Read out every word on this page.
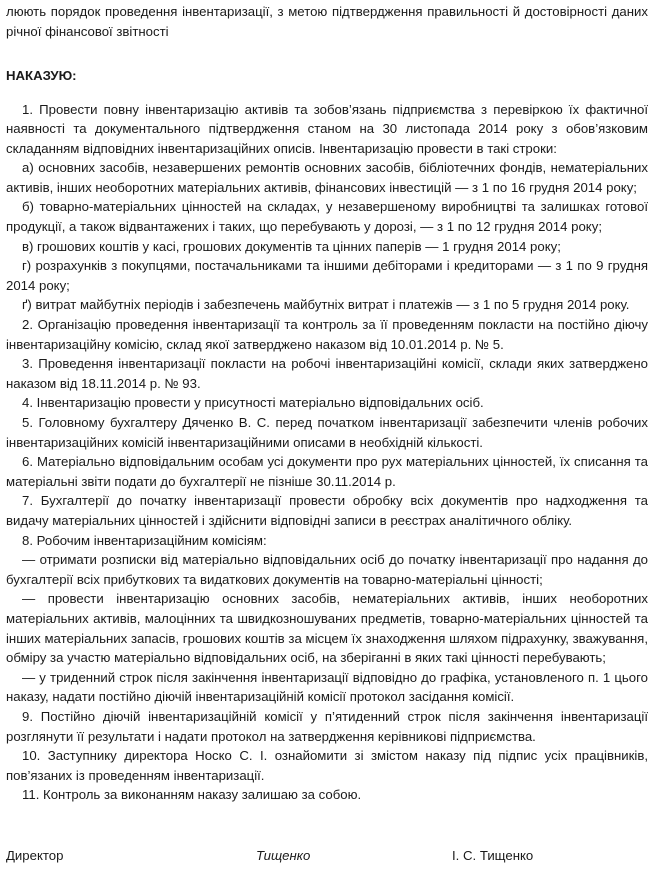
люють порядок проведення інвентаризації, з метою підтвердження правильності й достовірності даних річної фінансової звітності

НАКАЗУЮ:

1. Провести повну інвентаризацію активів та зобов’язань підприємства з перевіркою їх фактичної наявності та документального підтвердження станом на 30 листопада 2014 року з обов’язковим складанням відповідних інвентаризаційних описів. Інвентаризацію провести в такі строки:

а) основних засобів, незавершених ремонтів основних засобів, бібліотечних фондів, нематеріальних активів, інших необоротних матеріальних активів, фінансових інвестицій — з 1 по 16 грудня 2014 року;

б) товарно-матеріальних цінностей на складах, у незавершеному виробництві та залишках готової продукції, а також відвантажених і таких, що перебувають у дорозі, — з 1 по 12 грудня 2014 року;

в) грошових коштів у касі, грошових документів та цінних паперів — 1 грудня 2014 року;

г) розрахунків з покупцями, постачальниками та іншими дебіторами і кредиторами — з 1 по 9 грудня 2014 року;

ґ) витрат майбутніх періодів і забезпечень майбутніх витрат і платежів — з 1 по 5 грудня 2014 року.

2. Організацію проведення інвентаризації та контроль за її проведенням покласти на постійно діючу інвентаризаційну комісію, склад якої затверджено наказом від 10.01.2014 р. № 5.

3. Проведення інвентаризації покласти на робочі інвентаризаційні комісії, склади яких затверджено наказом від 18.11.2014 р. № 93.

4. Інвентаризацію провести у присутності матеріально відповідальних осіб.

5. Головному бухгалтеру Дяченко В. С. перед початком інвентаризації забезпечити членів робочих інвентаризаційних комісій інвентаризаційними описами в необхідній кількості.

6. Матеріально відповідальним особам усі документи про рух матеріальних цінностей, їх списання та матеріальні звіти подати до бухгалтерії не пізніше 30.11.2014 р.

7. Бухгалтерії до початку інвентаризації провести обробку всіх документів про надходження та видачу матеріальних цінностей і здійснити відповідні записи в реєстрах аналітичного обліку.

8. Робочим інвентаризаційним комісіям:

— отримати розписки від матеріально відповідальних осіб до початку інвентаризації про надання до бухгалтерії всіх прибуткових та видаткових документів на товарно-матеріальні цінності;

— провести інвентаризацію основних засобів, нематеріальних активів, інших необоротних матеріальних активів, малоцінних та швидкозношуваних предметів, товарно-матеріальних цінностей та інших матеріальних запасів, грошових коштів за місцем їх знаходження шляхом підрахунку, зважування, обміру за участю матеріально відповідальних осіб, на зберіганні в яких такі цінності перебувають;

— у триденний строк після закінчення інвентаризації відповідно до графіка, установленого п. 1 цього наказу, надати постійно діючій інвентаризаційній комісії протокол засідання комісії.

9. Постійно діючій інвентаризаційній комісії у п’ятиденний строк після закінчення інвентаризації розглянути її результати і надати протокол на затвердження керівникові підприємства.

10. Заступнику директора Носко С. І. ознайомити зі змістом наказу під підпис усіх працівників, пов’язаних із проведенням інвентаризації.

11. Контроль за виконанням наказу залишаю за собою.

Директор	Тищенко	І. С. Тищенко
